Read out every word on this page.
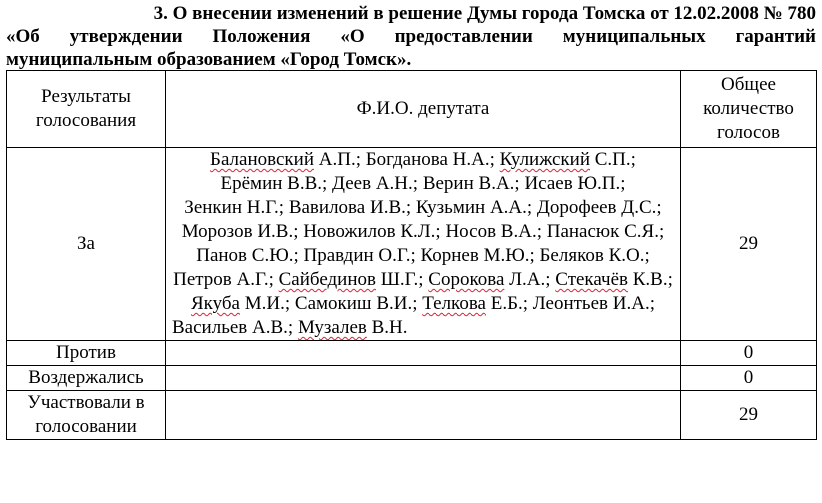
3. О внесении изменений в решение Думы города Томска от 12.02.2008 № 780
«Об утверждении Положения «О предоставлении муниципальных гарантий
муниципальным образованием «Город Томск».
Результаты голосования	Ф.И.О. депутата	Общее количество голосов
За	Балановский А.П.; Богданова Н.А.; Кулижский С.П.; Ерёмин В.В.; Деев А.Н.; Верин В.А.; Исаев Ю.П.; Зенкин Н.Г.; Вавилова И.В.; Кузьмин А.А.; Дорофеев Д.С.; Морозов И.В.; Новожилов К.Л.; Носов В.А.; Панасюк С.Я.; Панов С.Ю.; Правдин О.Г.; Корнев М.Ю.; Беляков К.О.; Петров А.Г.; Сайбединов Ш.Г.; Сорокова Л.А.; Стекачёв К.В.; Якуба М.И.; Самокиш В.И.; Телкова Е.Б.; Леонтьев И.А.; Васильев А.В.; Музалев В.Н.	29
Против		0
Воздержались		0
Участвовали в голосовании		29
